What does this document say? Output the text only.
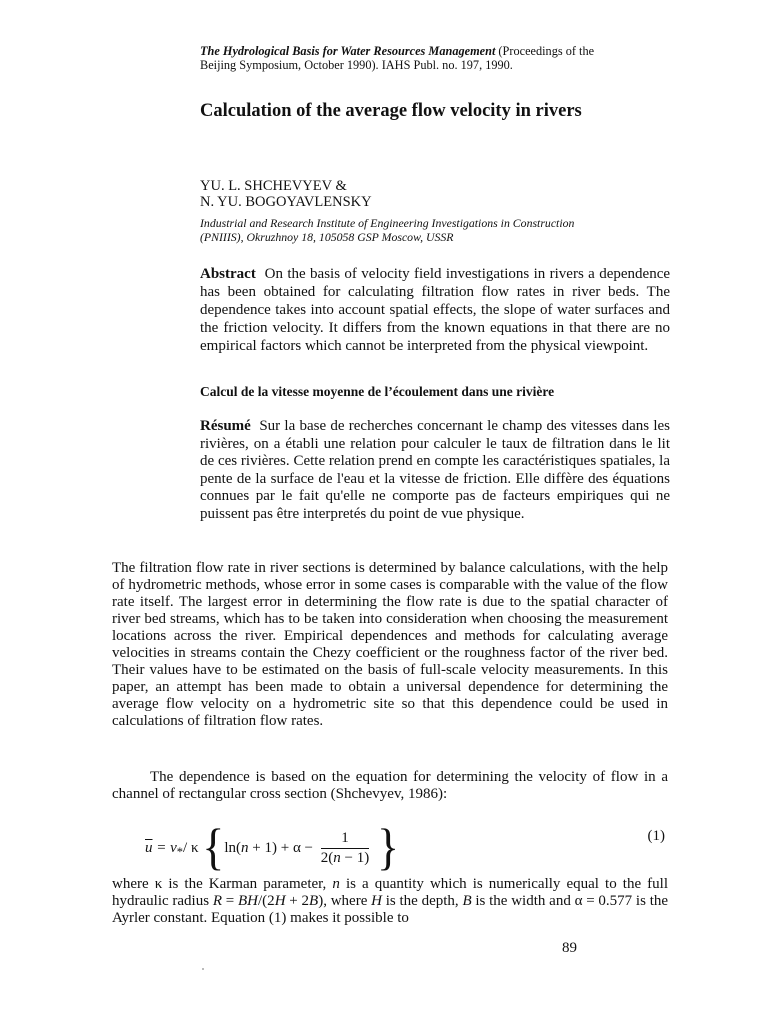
The Hydrological Basis for Water Resources Management (Proceedings of the Beijing Symposium, October 1990). IAHS Publ. no. 197, 1990.
Calculation of the average flow velocity in rivers
YU. L. SHCHEVYEV &
N. YU. BOGOYAVLENSKY
Industrial and Research Institute of Engineering Investigations in Construction (PNIIIS), Okruzhnoy 18, 105058 GSP Moscow, USSR
Abstract On the basis of velocity field investigations in rivers a dependence has been obtained for calculating filtration flow rates in river beds. The dependence takes into account spatial effects, the slope of water surfaces and the friction velocity. It differs from the known equations in that there are no empirical factors which cannot be interpreted from the physical viewpoint.
Calcul de la vitesse moyenne de l’écoulement dans une rivière
Résumé Sur la base de recherches concernant le champ des vitesses dans les rivières, on a établi une relation pour calculer le taux de filtration dans le lit de ces rivières. Cette relation prend en compte les caractéristiques spatiales, la pente de la surface de l'eau et la vitesse de friction. Elle diffère des équations connues par le fait qu'elle ne comporte pas de facteurs empiriques qui ne puissent pas être interpretés du point de vue physique.
The filtration flow rate in river sections is determined by balance calculations, with the help of hydrometric methods, whose error in some cases is comparable with the value of the flow rate itself. The largest error in determining the flow rate is due to the spatial character of river bed streams, which has to be taken into consideration when choosing the measurement locations across the river. Empirical dependences and methods for calculating average velocities in streams contain the Chezy coefficient or the roughness factor of the river bed. Their values have to be estimated on the basis of full-scale velocity measurements. In this paper, an attempt has been made to obtain a universal dependence for determining the average flow velocity on a hydrometric site so that this dependence could be used in calculations of filtration flow rates.
The dependence is based on the equation for determining the velocity of flow in a channel of rectangular cross section (Shchevyev, 1986):
$\overline{u} = v_*/$ κ {$\ln(n + 1) + \alpha - \frac{1}{2(n - 1)}$ }	(1)
where κ is the Karman parameter, n is a quantity which is numerically equal to the full hydraulic radius R = BH/(2H + 2B), where H is the depth, B is the width and α = 0.577 is the Ayrler constant. Equation (1) makes it possible to
89
